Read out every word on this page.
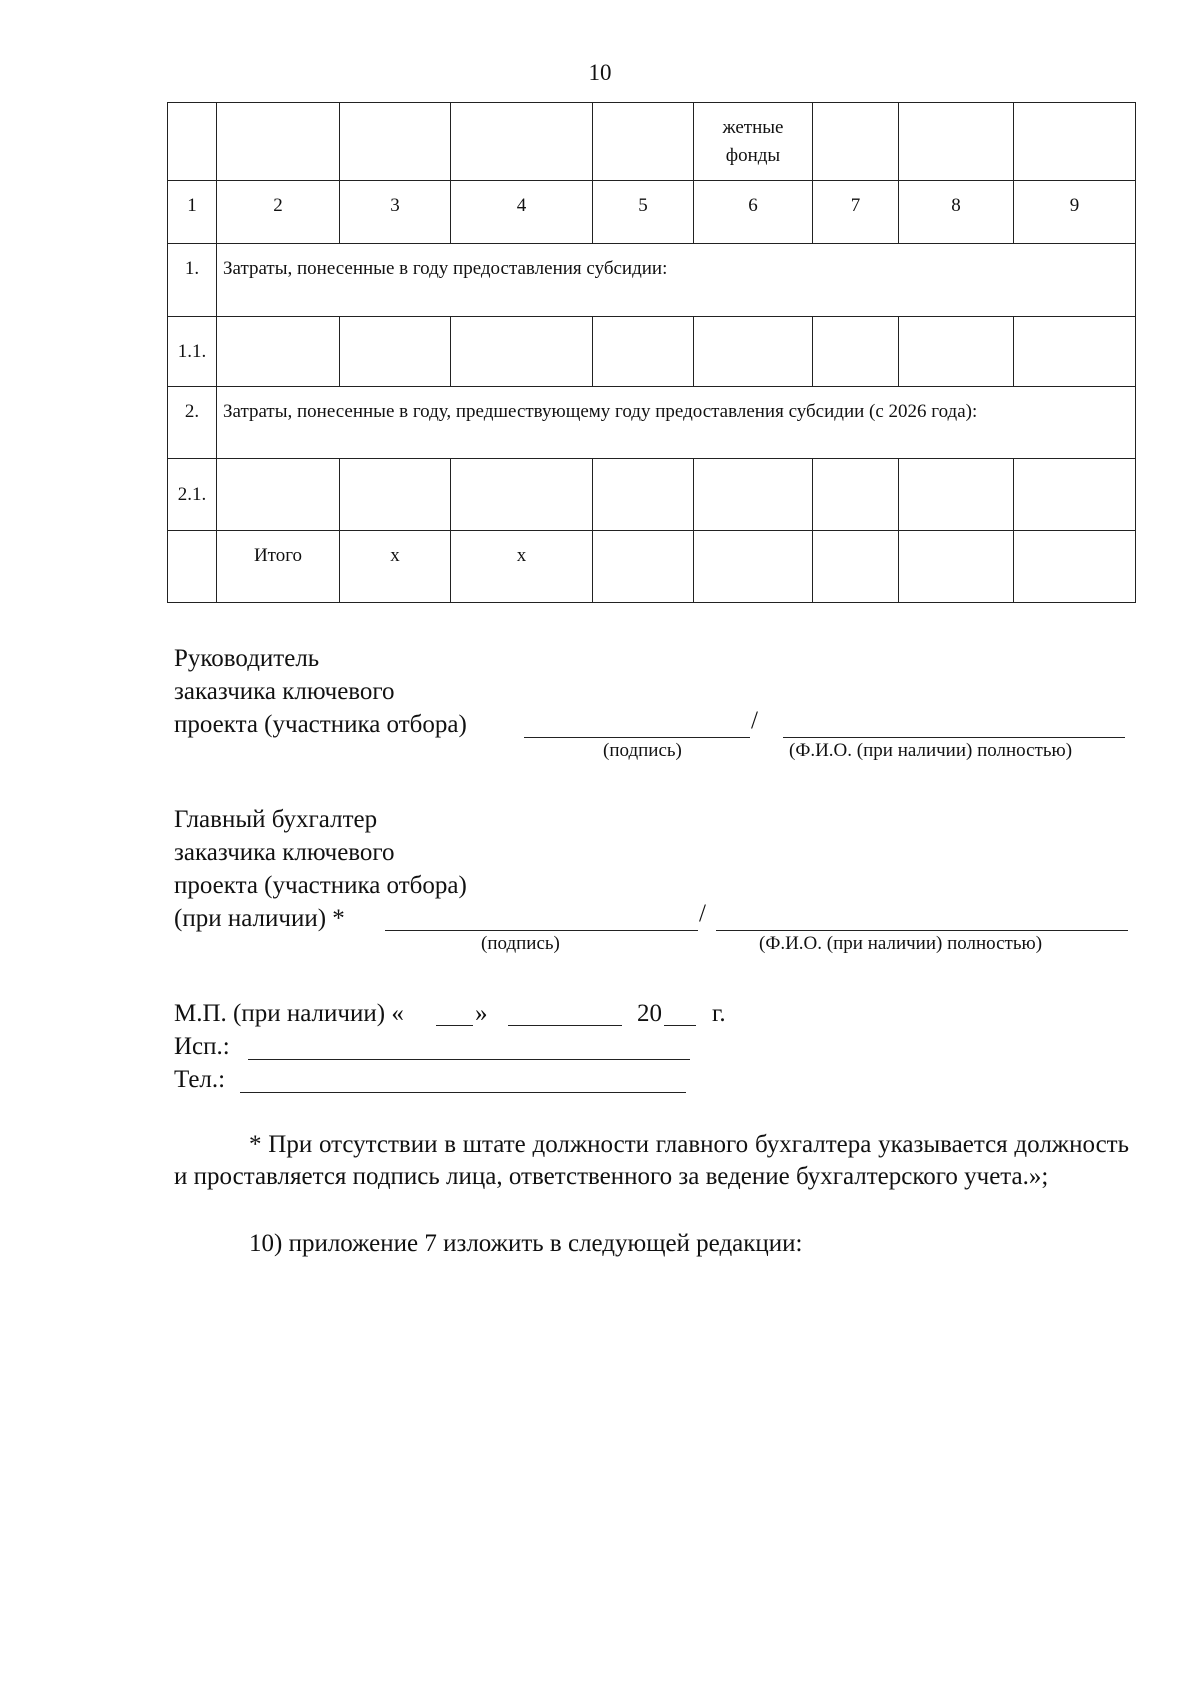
10

					жетные фонды			

1	2	3	4	5	6	7	8	9
1.	Затраты, понесенные в году предоставления субсидии:							
1.1.								
2.	Затраты, понесенные в году, предшествующему году предоставления субсидии (с 2026 года):							
2.1.								
	Итого	х	х					
Руководитель
заказчика ключевого
проекта (участника отбора)	/
(подпись)	(Ф.И.О. (при наличии) полностью)
Главный бухгалтер
заказчика ключевого
проекта (участника отбора)
(при наличии) *	/
(подпись)	(Ф.И.О. (при наличии) полностью)
М.П. (при наличии) «	»	20 г.
Исп.:
Тел.:
* При отсутствии в штате должности главного бухгалтера указывается должность и проставляется подпись лица, ответственного за ведение бухгалтерского учета.»;
10) приложение 7 изложить в следующей редакции:
